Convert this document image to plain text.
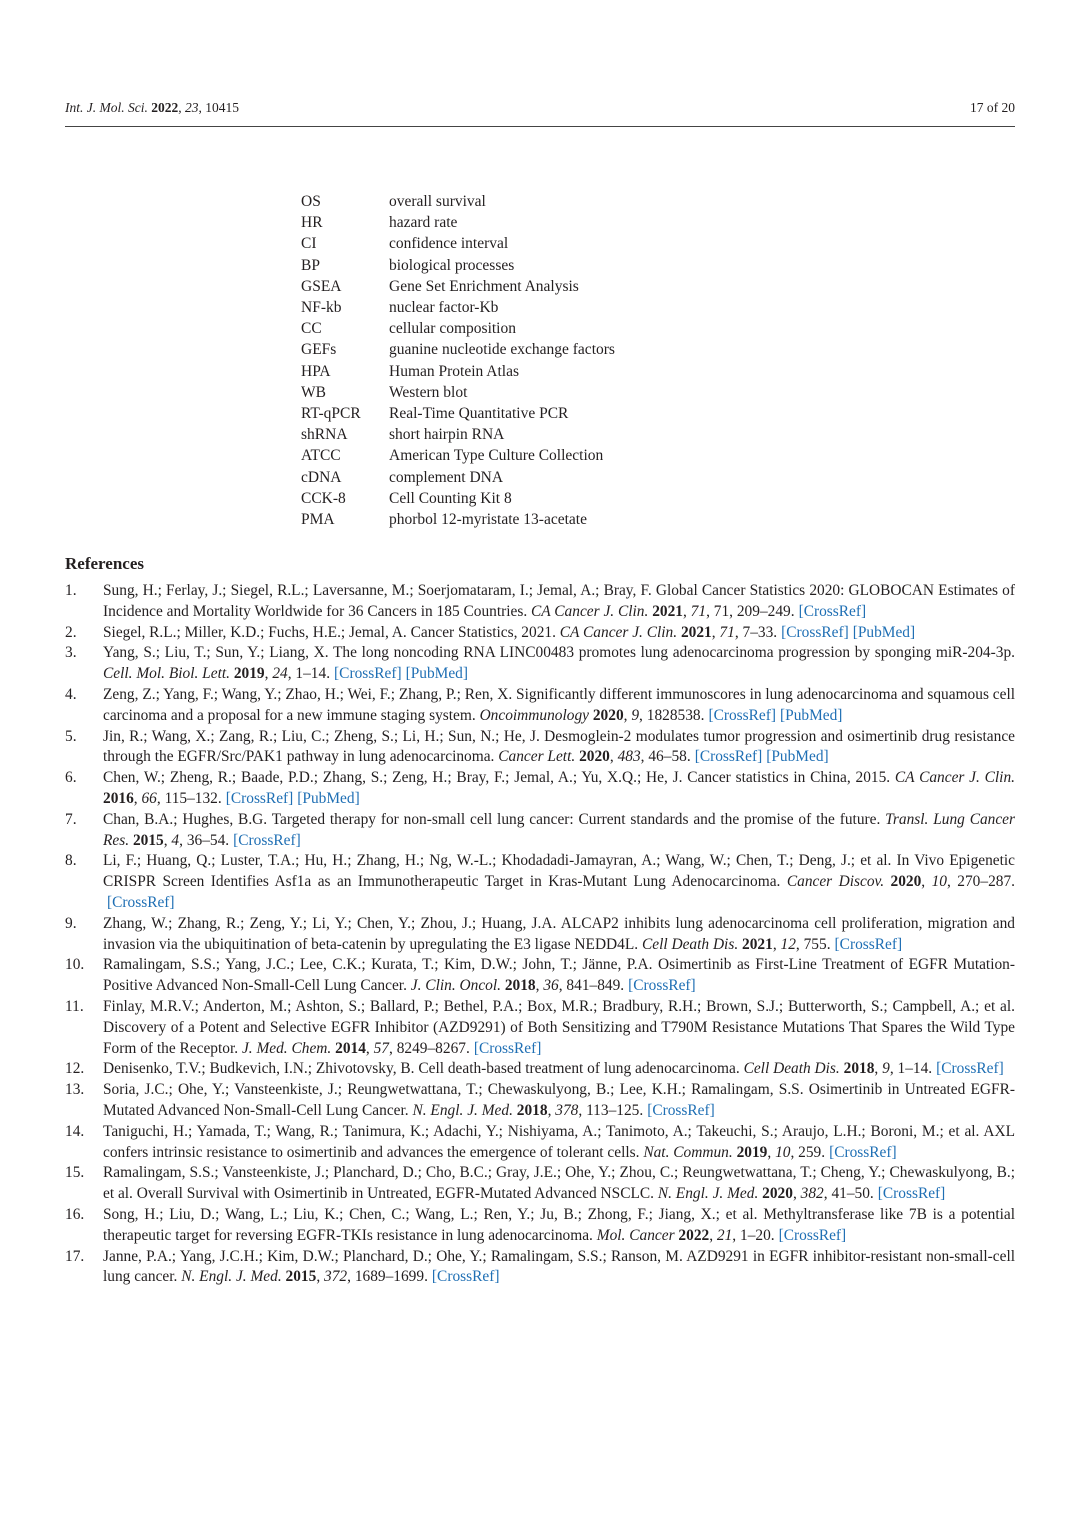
Int. J. Mol. Sci. 2022, 23, 10415	17 of 20
OS	overall survival
HR	hazard rate
CI	confidence interval
BP	biological processes
GSEA	Gene Set Enrichment Analysis
NF-kb	nuclear factor-Kb
CC	cellular composition
GEFs	guanine nucleotide exchange factors
HPA	Human Protein Atlas
WB	Western blot
RT-qPCR	Real-Time Quantitative PCR
shRNA	short hairpin RNA
ATCC	American Type Culture Collection
cDNA	complement DNA
CCK-8	Cell Counting Kit 8
PMA	phorbol 12-myristate 13-acetate
References
1.	Sung, H.; Ferlay, J.; Siegel, R.L.; Laversanne, M.; Soerjomataram, I.; Jemal, A.; Bray, F. Global Cancer Statistics 2020: GLOBOCAN Estimates of Incidence and Mortality Worldwide for 36 Cancers in 185 Countries. CA Cancer J. Clin. 2021, 71, 71, 209–249. [CrossRef]
2.	Siegel, R.L.; Miller, K.D.; Fuchs, H.E.; Jemal, A. Cancer Statistics, 2021. CA Cancer J. Clin. 2021, 71, 7–33. [CrossRef] [PubMed]
3.	Yang, S.; Liu, T.; Sun, Y.; Liang, X. The long noncoding RNA LINC00483 promotes lung adenocarcinoma progression by sponging miR-204-3p. Cell. Mol. Biol. Lett. 2019, 24, 1–14. [CrossRef] [PubMed]
4.	Zeng, Z.; Yang, F.; Wang, Y.; Zhao, H.; Wei, F.; Zhang, P.; Ren, X. Significantly different immunoscores in lung adenocarcinoma and squamous cell carcinoma and a proposal for a new immune staging system. Oncoimmunology 2020, 9, 1828538. [CrossRef] [PubMed]
5.	Jin, R.; Wang, X.; Zang, R.; Liu, C.; Zheng, S.; Li, H.; Sun, N.; He, J. Desmoglein-2 modulates tumor progression and osimertinib drug resistance through the EGFR/Src/PAK1 pathway in lung adenocarcinoma. Cancer Lett. 2020, 483, 46–58. [CrossRef] [PubMed]
6.	Chen, W.; Zheng, R.; Baade, P.D.; Zhang, S.; Zeng, H.; Bray, F.; Jemal, A.; Yu, X.Q.; He, J. Cancer statistics in China, 2015. CA Cancer J. Clin. 2016, 66, 115–132. [CrossRef] [PubMed]
7.	Chan, B.A.; Hughes, B.G. Targeted therapy for non-small cell lung cancer: Current standards and the promise of the future. Transl. Lung Cancer Res. 2015, 4, 36–54. [CrossRef]
8.	Li, F.; Huang, Q.; Luster, T.A.; Hu, H.; Zhang, H.; Ng, W.-L.; Khodadadi-Jamayran, A.; Wang, W.; Chen, T.; Deng, J.; et al. In Vivo Epigenetic CRISPR Screen Identifies Asf1a as an Immunotherapeutic Target in Kras-Mutant Lung Adenocarcinoma. Cancer Discov. 2020, 10, 270–287.[CrossRef]
9.	Zhang, W.; Zhang, R.; Zeng, Y.; Li, Y.; Chen, Y.; Zhou, J.; Huang, J.A. ALCAP2 inhibits lung adenocarcinoma cell proliferation, migration and invasion via the ubiquitination of beta-catenin by upregulating the E3 ligase NEDD4L. Cell Death Dis. 2021, 12, 755. [CrossRef]
10.	Ramalingam, S.S.; Yang, J.C.; Lee, C.K.; Kurata, T.; Kim, D.W.; John, T.; Jänne, P.A. Osimertinib as First-Line Treatment of EGFR Mutation-Positive Advanced Non-Small-Cell Lung Cancer. J. Clin. Oncol. 2018, 36, 841–849. [CrossRef]
11.	Finlay, M.R.V.; Anderton, M.; Ashton, S.; Ballard, P.; Bethel, P.A.; Box, M.R.; Bradbury, R.H.; Brown, S.J.; Butterworth, S.; Campbell, A.; et al. Discovery of a Potent and Selective EGFR Inhibitor (AZD9291) of Both Sensitizing and T790M Resistance Mutations That Spares the Wild Type Form of the Receptor. J. Med. Chem. 2014, 57, 8249–8267. [CrossRef]
12.	Denisenko, T.V.; Budkevich, I.N.; Zhivotovsky, B. Cell death-based treatment of lung adenocarcinoma. Cell Death Dis. 2018, 9, 1–14. [CrossRef]
13.	Soria, J.C.; Ohe, Y.; Vansteenkiste, J.; Reungwetwattana, T.; Chewaskulyong, B.; Lee, K.H.; Ramalingam, S.S. Osimertinib in Untreated EGFR-Mutated Advanced Non-Small-Cell Lung Cancer. N. Engl. J. Med. 2018, 378, 113–125. [CrossRef]
14.	Taniguchi, H.; Yamada, T.; Wang, R.; Tanimura, K.; Adachi, Y.; Nishiyama, A.; Tanimoto, A.; Takeuchi, S.; Araujo, L.H.; Boroni, M.; et al. AXL confers intrinsic resistance to osimertinib and advances the emergence of tolerant cells. Nat. Commun. 2019, 10, 259. [CrossRef]
15.	Ramalingam, S.S.; Vansteenkiste, J.; Planchard, D.; Cho, B.C.; Gray, J.E.; Ohe, Y.; Zhou, C.; Reungwetwattana, T.; Cheng, Y.; Chewaskulyong, B.; et al. Overall Survival with Osimertinib in Untreated, EGFR-Mutated Advanced NSCLC. N. Engl. J. Med. 2020, 382, 41–50. [CrossRef]
16.	Song, H.; Liu, D.; Wang, L.; Liu, K.; Chen, C.; Wang, L.; Ren, Y.; Ju, B.; Zhong, F.; Jiang, X.; et al. Methyltransferase like 7B is a potential therapeutic target for reversing EGFR-TKIs resistance in lung adenocarcinoma. Mol. Cancer 2022, 21, 1–20. [CrossRef]
17.	Janne, P.A.; Yang, J.C.H.; Kim, D.W.; Planchard, D.; Ohe, Y.; Ramalingam, S.S.; Ranson, M. AZD9291 in EGFR inhibitor-resistant non-small-cell lung cancer. N. Engl. J. Med. 2015, 372, 1689–1699. [CrossRef]
